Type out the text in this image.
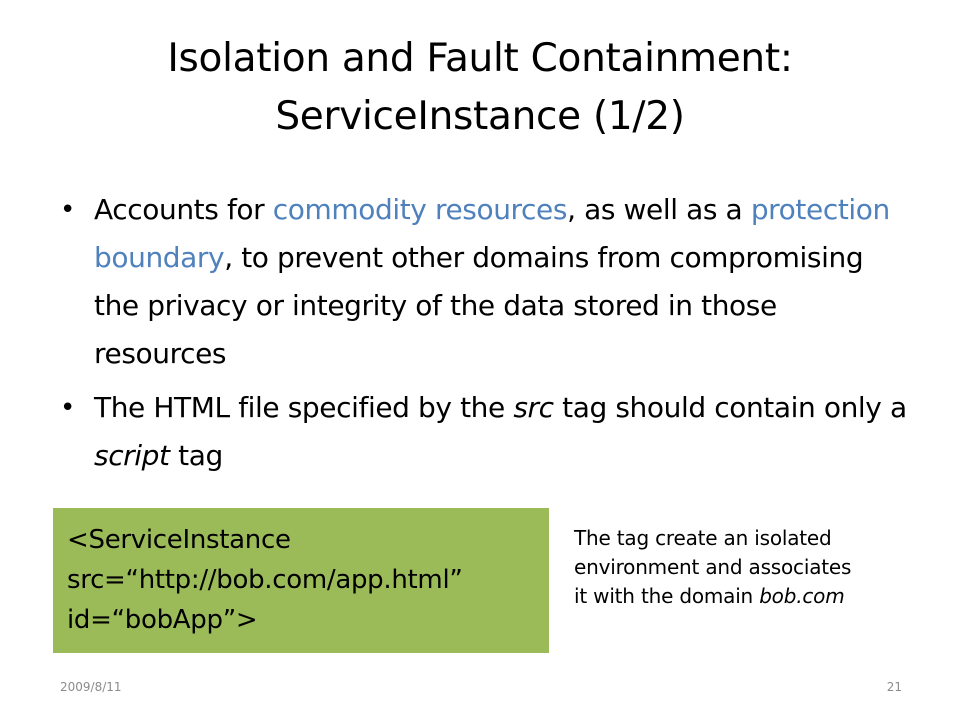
Isolation and Fault Containment:
ServiceInstance (1/2)
• Accounts for commodity resources, as well as a protection boundary, to prevent other domains from compromising the privacy or integrity of the data stored in those resources
• The HTML file specified by the src tag should contain only a script tag
<ServiceInstance
src=“http://bob.com/app.html”
id=“bobApp”>
The tag create an isolated
environment and associates
it with the domain bob.com
2009/8/11	21
